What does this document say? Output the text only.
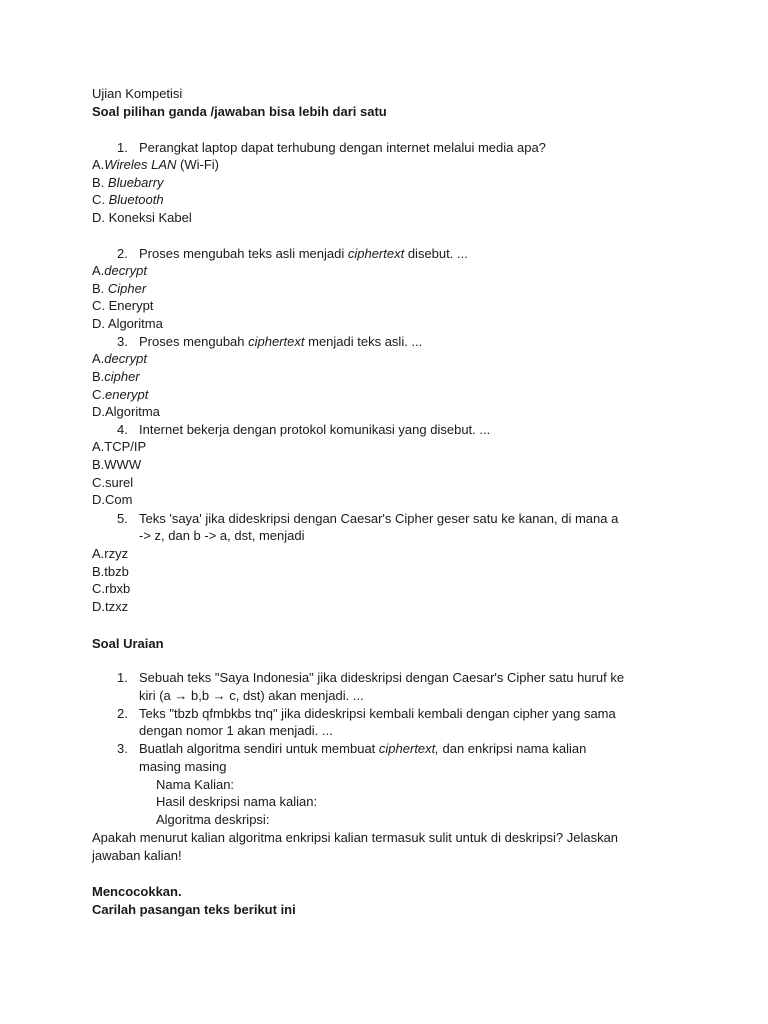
Ujian Kompetisi
Soal pilihan ganda /jawaban bisa lebih dari satu
1. Perangkat laptop dapat terhubung dengan internet melalui media apa?
A.Wireles LAN (Wi-Fi)
B. Bluebarry
C. Bluetooth
D. Koneksi Kabel
2. Proses mengubah teks asli menjadi ciphertext disebut. ...
A.decrypt
B. Cipher
C. Enerypt
D. Algoritma
3. Proses mengubah ciphertext menjadi teks asli. ...
A.decrypt
B.cipher
C.enerypt
D.Algoritma
4. Internet bekerja dengan protokol komunikasi yang disebut. ...
A.TCP/IP
B.WWW
C.surel
D.Com
5. Teks 'saya' jika dideskripsi dengan Caesar's Cipher geser satu ke kanan, di mana a
-> z, dan b -> a, dst, menjadi
A.rzyz
B.tbzb
C.rbxb
D.tzxz
Soal Uraian
1. Sebuah teks "Saya Indonesia" jika dideskripsi dengan Caesar's Cipher satu huruf ke
kiri (a → b,b → c, dst) akan menjadi. ...
2. Teks "tbzb qfmbkbs tnq" jika dideskripsi kembali kembali dengan cipher yang sama
dengan nomor 1 akan menjadi. ...
3. Buatlah algoritma sendiri untuk membuat ciphertext, dan enkripsi nama kalian
masing masing
Nama Kalian:
Hasil deskripsi nama kalian:
Algoritma deskripsi:
Apakah menurut kalian algoritma enkripsi kalian termasuk sulit untuk di deskripsi? Jelaskan
jawaban kalian!
Mencocokkan.
Carilah pasangan teks berikut ini
